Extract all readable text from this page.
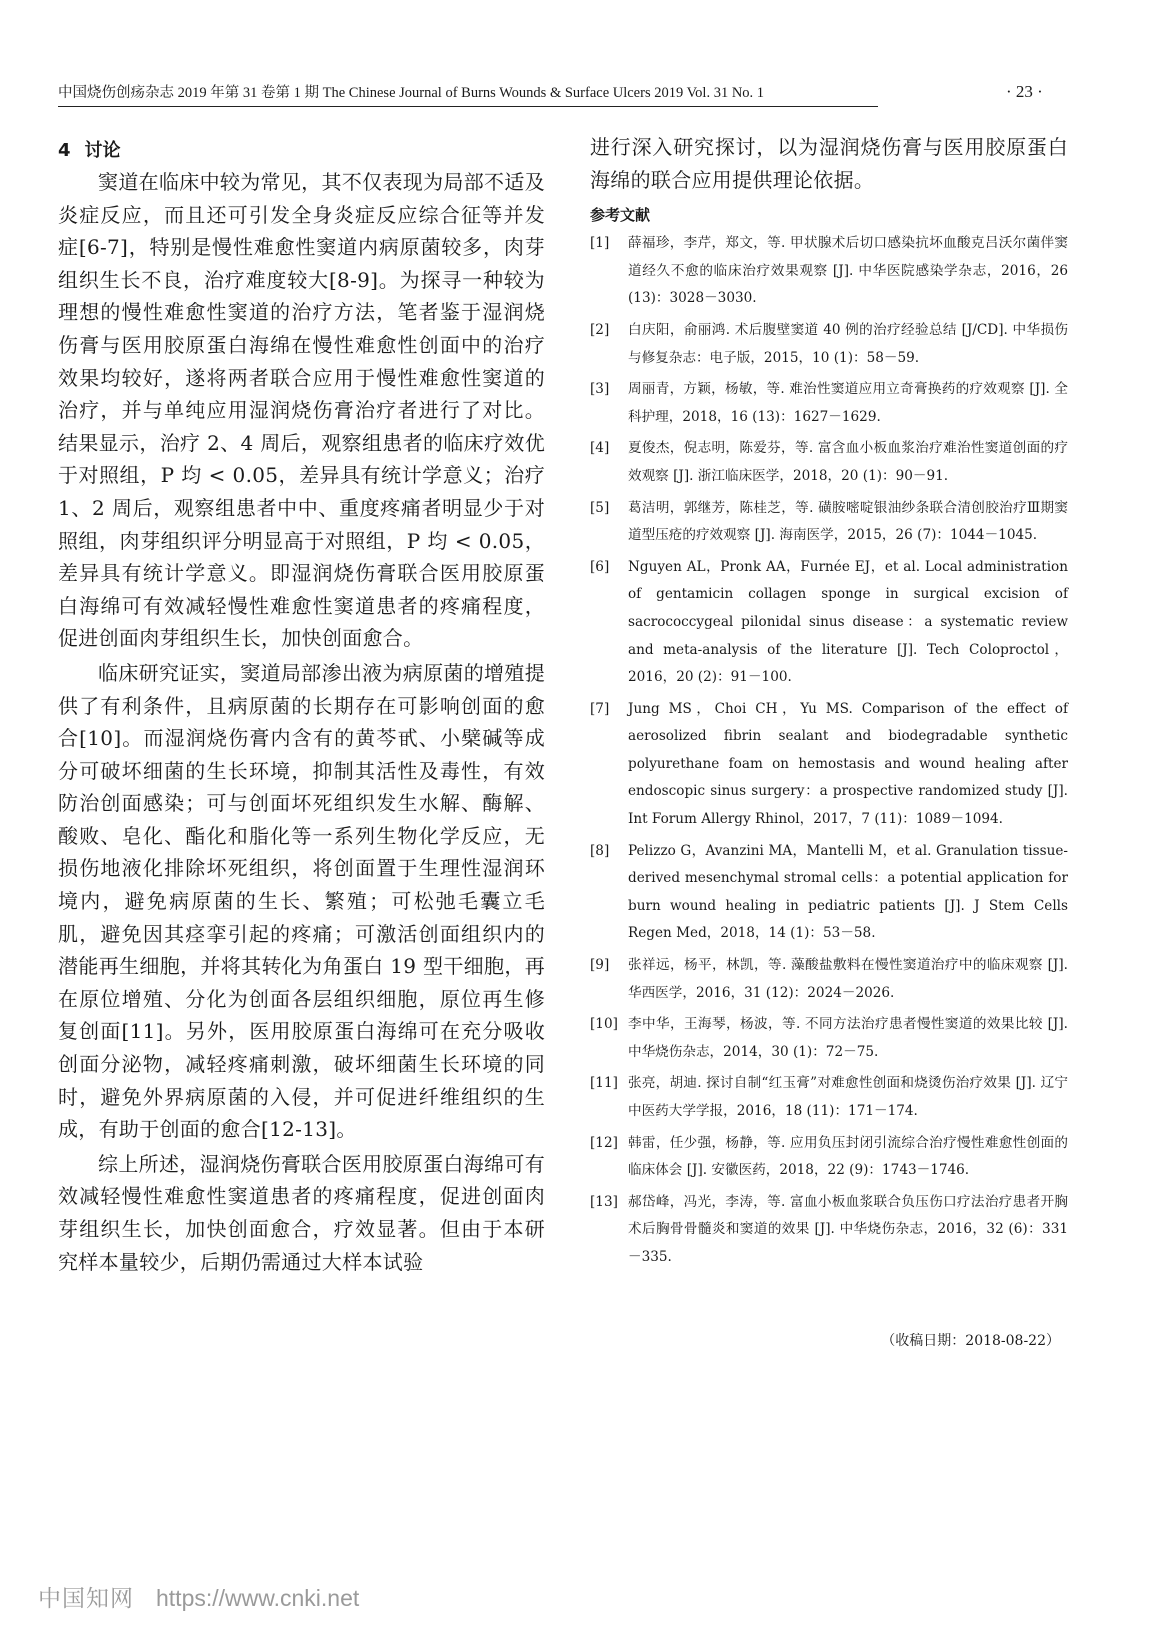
中国烧伤创疡杂志 2019 年第 31 卷第 1 期 The Chinese Journal of Burns Wounds & Surface Ulcers 2019 Vol. 31 No. 1	· 23 ·
4 讨论

窦道在临床中较为常见，其不仅表现为局部不适及炎症反应，而且还可引发全身炎症反应综合征等并发症[6-7]，特别是慢性难愈性窦道内病原菌较多，肉芽组织生长不良，治疗难度较大[8-9]。为探寻一种较为理想的慢性难愈性窦道的治疗方法，笔者鉴于湿润烧伤膏与医用胶原蛋白海绵在慢性难愈性创面中的治疗效果均较好，遂将两者联合应用于慢性难愈性窦道的治疗，并与单纯应用湿润烧伤膏治疗者进行了对比。结果显示，治疗 2、4 周后，观察组患者的临床疗效优于对照组，P 均 < 0.05，差异具有统计学意义；治疗 1、2 周后，观察组患者中中、重度疼痛者明显少于对照组，肉芽组织评分明显高于对照组，P 均 < 0.05，差异具有统计学意义。即湿润烧伤膏联合医用胶原蛋白海绵可有效减轻慢性难愈性窦道患者的疼痛程度，促进创面肉芽组织生长，加快创面愈合。

临床研究证实，窦道局部渗出液为病原菌的增殖提供了有利条件，且病原菌的长期存在可影响创面的愈合[10]。而湿润烧伤膏内含有的黄芩甙、小檗碱等成分可破坏细菌的生长环境，抑制其活性及毒性，有效防治创面感染；可与创面坏死组织发生水解、酶解、酸败、皂化、酯化和脂化等一系列生物化学反应，无损伤地液化排除坏死组织，将创面置于生理性湿润环境内，避免病原菌的生长、繁殖；可松弛毛囊立毛肌，避免因其痉挛引起的疼痛；可激活创面组织内的潜能再生细胞，并将其转化为角蛋白 19 型干细胞，再在原位增殖、分化为创面各层组织细胞，原位再生修复创面[11]。另外，医用胶原蛋白海绵可在充分吸收创面分泌物，减轻疼痛刺激，破坏细菌生长环境的同时，避免外界病原菌的入侵，并可促进纤维组织的生成，有助于创面的愈合[12-13]。

综上所述，湿润烧伤膏联合医用胶原蛋白海绵可有效减轻慢性难愈性窦道患者的疼痛程度，促进创面肉芽组织生长，加快创面愈合，疗效显著。但由于本研究样本量较少，后期仍需通过大样本试验

进行深入研究探讨，以为湿润烧伤膏与医用胶原蛋白海绵的联合应用提供理论依据。

参考文献
[1]	薛福珍，李芹，郑文，等. 甲状腺术后切口感染抗坏血酸克吕沃尔菌伴窦道经久不愈的临床治疗效果观察 [J]. 中华医院感染学杂志，2016，26 (13)：3028－3030.
[2]	白庆阳，俞丽鸿. 术后腹壁窦道 40 例的治疗经验总结 [J/CD]. 中华损伤与修复杂志：电子版，2015，10 (1)：58－59.
[3]	周丽青，方颖，杨敏，等. 难治性窦道应用立奇膏换药的疗效观察 [J]. 全科护理，2018，16 (13)：1627－1629.
[4]	夏俊杰，倪志明，陈爱芬，等. 富含血小板血浆治疗难治性窦道创面的疗效观察 [J]. 浙江临床医学，2018，20 (1)：90－91.
[5]	葛洁明，郭继芳，陈桂芝，等. 磺胺嘧啶银油纱条联合清创胶治疗Ⅲ期窦道型压疮的疗效观察 [J]. 海南医学，2015，26 (7)：1044－1045.
[6]	Nguyen AL，Pronk AA，Furnée EJ，et al. Local administration of gentamicin collagen sponge in surgical excision of sacrococcygeal pilonidal sinus disease：a systematic review and meta-analysis of the literature [J]. Tech Coloproctol，2016，20 (2)：91－100.
[7]	Jung MS，Choi CH，Yu MS. Comparison of the effect of aerosolized fibrin sealant and biodegradable synthetic polyurethane foam on hemostasis and wound healing after endoscopic sinus surgery：a prospective randomized study [J]. Int Forum Allergy Rhinol，2017，7 (11)：1089－1094.
[8]	Pelizzo G，Avanzini MA，Mantelli M，et al. Granulation tissue-derived mesenchymal stromal cells：a potential application for burn wound healing in pediatric patients [J]. J Stem Cells Regen Med，2018，14 (1)：53－58.
[9]	张祥远，杨平，林凯，等. 藻酸盐敷料在慢性窦道治疗中的临床观察 [J]. 华西医学，2016，31 (12)：2024－2026.
[10] 李中华，王海琴，杨波，等. 不同方法治疗患者慢性窦道的效果比较 [J]. 中华烧伤杂志，2014，30 (1)：72－75.
[11] 张亮，胡迪. 探讨自制“红玉膏”对难愈性创面和烧烫伤治疗效果 [J]. 辽宁中医药大学学报，2016，18 (11)：171－174.
[12] 韩雷，任少强，杨静，等. 应用负压封闭引流综合治疗慢性难愈性创面的临床体会 [J]. 安徽医药，2018，22 (9)：1743－1746.
[13] 郝岱峰，冯光，李涛，等. 富血小板血浆联合负压伤口疗法治疗患者开胸术后胸骨骨髓炎和窦道的效果 [J]. 中华烧伤杂志，2016，32 (6)：331－335.
（收稿日期：2018-08-22）
中国知网 https://www.cnki.net
